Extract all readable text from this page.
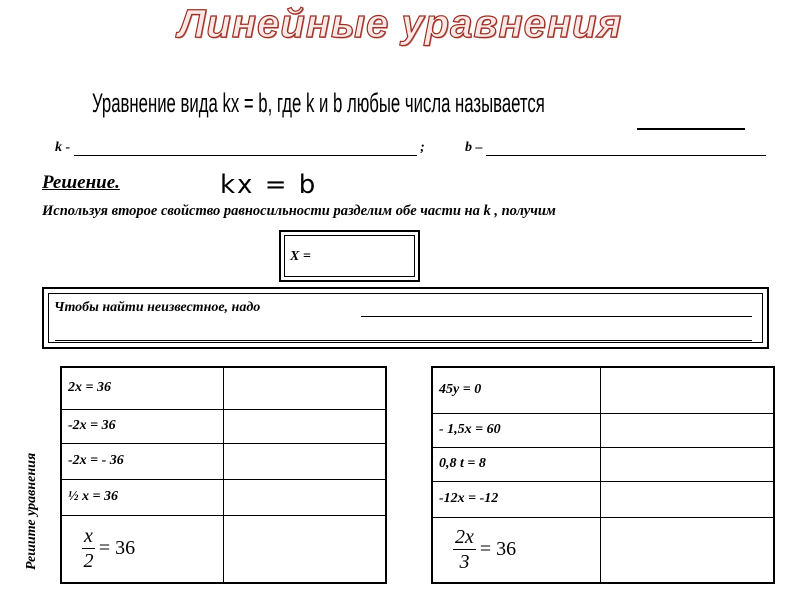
Линейные уравнения
Уравнение вида kx = b, где k и b любые числа называется
k -	;	b –
Решение.	kx = b
Используя второе свойство равносильности разделим обе части на k , получим
Х =
Чтобы найти неизвестное, надо
Решите уравнения
2x = 36	
-2x = 36	
-2x = - 36	
½ x = 36	

$\frac{x}{2} = 36$	

45y = 0	
- 1,5x = 60	
0,8 t = 8	
-12x = -12	

$\frac{2x}{3} = 36$	
